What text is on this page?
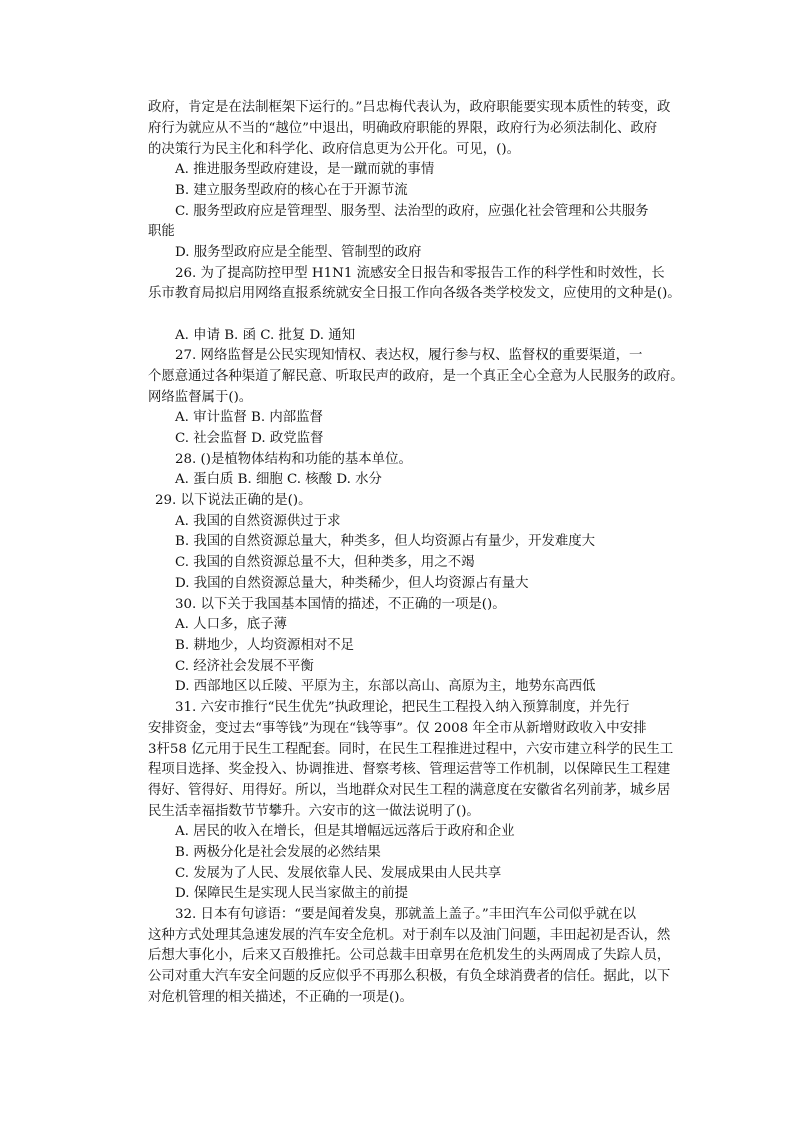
政府，肯定是在法制框架下运行的。”吕忠梅代表认为，政府职能要实现本质性的转变，政
府行为就应从不当的“越位”中退出，明确政府职能的界限，政府行为必须法制化、政府
的决策行为民主化和科学化、政府信息更为公开化。可见，()。
A. 推进服务型政府建设，是一蹴而就的事情
B. 建立服务型政府的核心在于开源节流
C. 服务型政府应是管理型、服务型、法治型的政府，应强化社会管理和公共服务
职能
D. 服务型政府应是全能型、管制型的政府
26. 为了提高防控甲型 H1N1 流感安全日报告和零报告工作的科学性和时效性，长
乐市教育局拟启用网络直报系统就安全日报工作向各级各类学校发文，应使用的文种是()。
A. 申请 B. 函 C. 批复 D. 通知
27. 网络监督是公民实现知情权、表达权，履行参与权、监督权的重要渠道，一
个愿意通过各种渠道了解民意、听取民声的政府，是一个真正全心全意为人民服务的政府。
网络监督属于()。
A. 审计监督 B. 内部监督
C. 社会监督 D. 政党监督
28. ()是植物体结构和功能的基本单位。
A. 蛋白质 B. 细胞 C. 核酸 D. 水分
29. 以下说法正确的是()。
A. 我国的自然资源供过于求
B. 我国的自然资源总量大，种类多，但人均资源占有量少，开发难度大
C. 我国的自然资源总量不大，但种类多，用之不竭
D. 我国的自然资源总量大，种类稀少，但人均资源占有量大
30. 以下关于我国基本国情的描述，不正确的一项是()。
A. 人口多，底子薄
B. 耕地少，人均资源相对不足
C. 经济社会发展不平衡
D. 西部地区以丘陵、平原为主，东部以高山、高原为主，地势东高西低
31. 六安市推行“民生优先”执政理论，把民生工程投入纳入预算制度，并先行
安排资金，变过去“事等钱”为现在“钱等事”。仅 2008 年全市从新增财政收入中安排
3杆58 亿元用于民生工程配套。同时，在民生工程推进过程中，六安市建立科学的民生工
程项目选择、奖金投入、协调推进、督察考核、管理运营等工作机制，以保障民生工程建
得好、管得好、用得好。所以，当地群众对民生工程的满意度在安徽省名列前茅，城乡居
民生活幸福指数节节攀升。六安市的这一做法说明了()。
A. 居民的收入在增长，但是其增幅远远落后于政府和企业
B. 两极分化是社会发展的必然结果
C. 发展为了人民、发展依靠人民、发展成果由人民共享
D. 保障民生是实现人民当家做主的前提
32. 日本有句谚语：“要是闻着发臭，那就盖上盖子。”丰田汽车公司似乎就在以
这种方式处理其急速发展的汽车安全危机。对于刹车以及油门问题，丰田起初是否认，然
后想大事化小，后来又百般推托。公司总裁丰田章男在危机发生的头两周成了失踪人员，
公司对重大汽车安全问题的反应似乎不再那么积极，有负全球消费者的信任。据此，以下
对危机管理的相关描述，不正确的一项是()。
